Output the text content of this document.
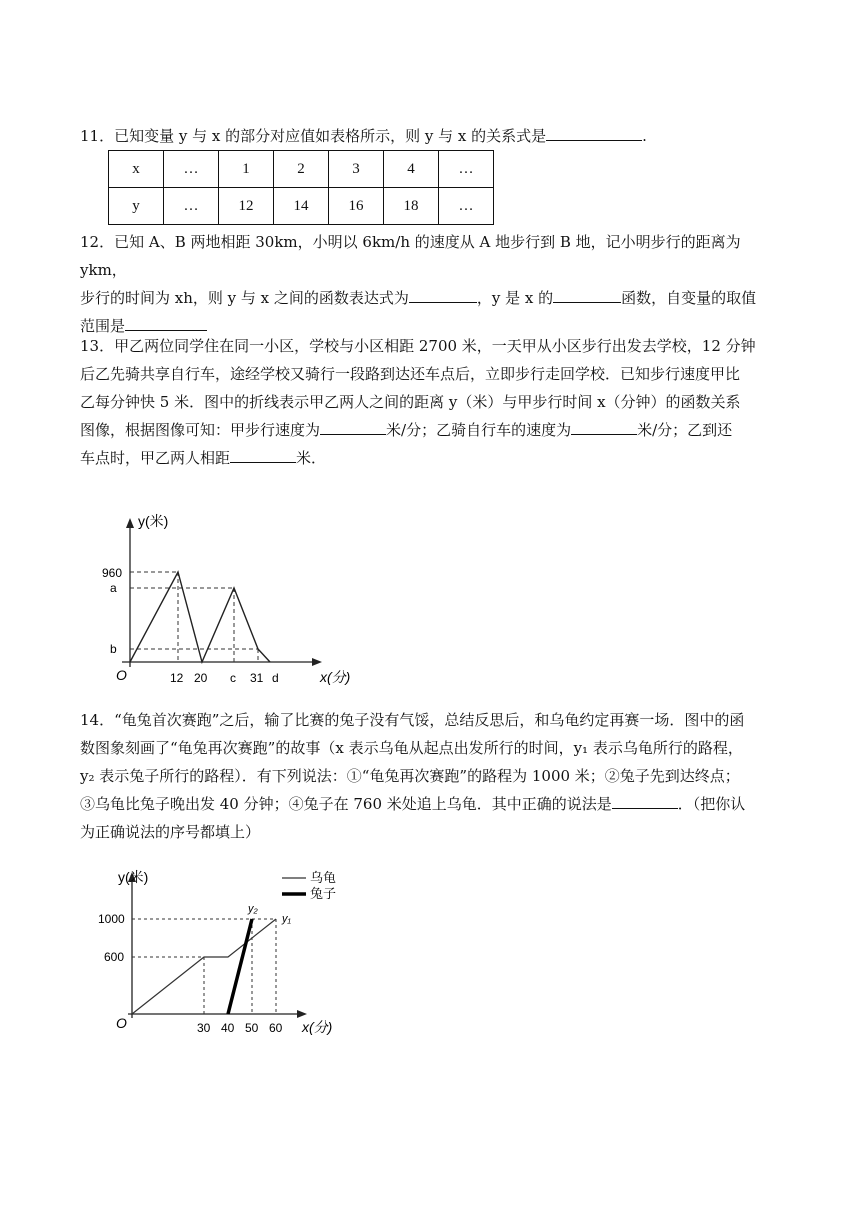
11．已知变量 y 与 x 的部分对应值如表格所示，则 y 与 x 的关系式是	.
x	…	1	2	3	4	…
y	…	12	14	16	18	…
12．已知 A、B 两地相距 30km，小明以 6km/h 的速度从 A 地步行到 B 地，记小明步行的距离为 ykm，
步行的时间为 xh，则 y 与 x 之间的函数表达式为	，y 是 x 的	函数，自变量的取值
范围是
13．甲乙两位同学住在同一小区，学校与小区相距 2700 米，一天甲从小区步行出发去学校，12 分钟
后乙先骑共享自行车，途经学校又骑行一段路到达还车点后，立即步行走回学校．已知步行速度甲比
乙每分钟快 5 米．图中的折线表示甲乙两人之间的距离 y（米）与甲步行时间 x（分钟）的函数关系
图像，根据图像可知：甲步行速度为	米/分；乙骑自行车的速度为	米/分；乙到还
车点时，甲乙两人相距	米．
y(米)
x(分)
O
960
a
b
12 20 c 31 d
14．“龟兔首次赛跑”之后，输了比赛的兔子没有气馁，总结反思后，和乌龟约定再赛一场．图中的函
数图象刻画了“龟兔再次赛跑”的故事（x 表示乌龟从起点出发所行的时间，y₁ 表示乌龟所行的路程，
y₂ 表示兔子所行的路程）．有下列说法：①“龟兔再次赛跑”的路程为 1000 米；②兔子先到达终点；
③乌龟比兔子晚出发 40 分钟；④兔子在 760 米处追上乌龟．其中正确的说法是	．（把你认
为正确说法的序号都填上）
乌龟
兔子
y₂
y₁
y(米)
x(分)
O
1000
600
30 40 50 60
